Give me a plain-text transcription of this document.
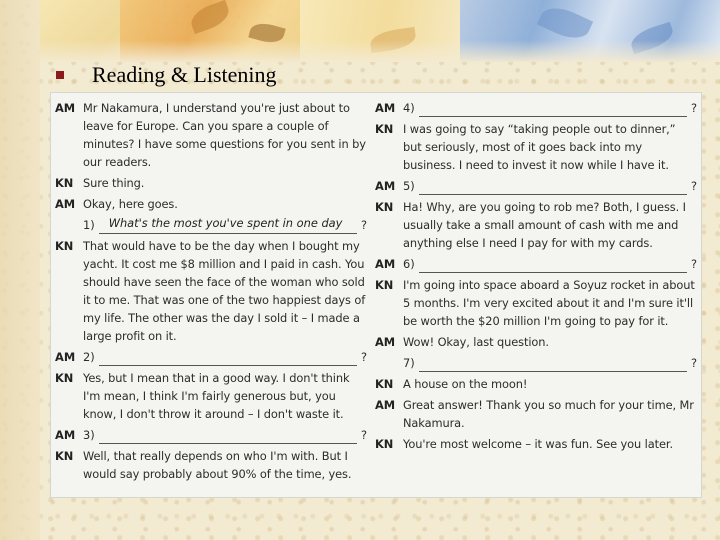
Reading & Listening
AM Mr Nakamura, I understand you're just about to leave for Europe. Can you spare a couple of minutes? I have some questions for you sent in by our readers.
KN Sure thing.
AM Okay, here goes.
1) What's the most you've spent in one day ?
KN That would have to be the day when I bought my yacht. It cost me $8 million and I paid in cash. You should have seen the face of the woman who sold it to me. That was one of the two happiest days of my life. The other was the day I sold it – I made a large profit on it.
AM 2)	?
KN Yes, but I mean that in a good way. I don't think I'm mean, I think I'm fairly generous but, you know, I don't throw it around – I don't waste it.
AM 3)	?
KN Well, that really depends on who I'm with. But I would say probably about 90% of the time, yes.
AM 4)	?
KN I was going to say “taking people out to dinner,” but seriously, most of it goes back into my business. I need to invest it now while I have it.
AM 5)	?
KN Ha! Why, are you going to rob me? Both, I guess. I usually take a small amount of cash with me and anything else I need I pay for with my cards.
AM 6)	?
KN I'm going into space aboard a Soyuz rocket in about 5 months. I'm very excited about it and I'm sure it'll be worth the $20 million I'm going to pay for it.
AM Wow! Okay, last question.
7)	?
KN A house on the moon!
AM Great answer! Thank you so much for your time, Mr Nakamura.
KN You're most welcome – it was fun. See you later.
